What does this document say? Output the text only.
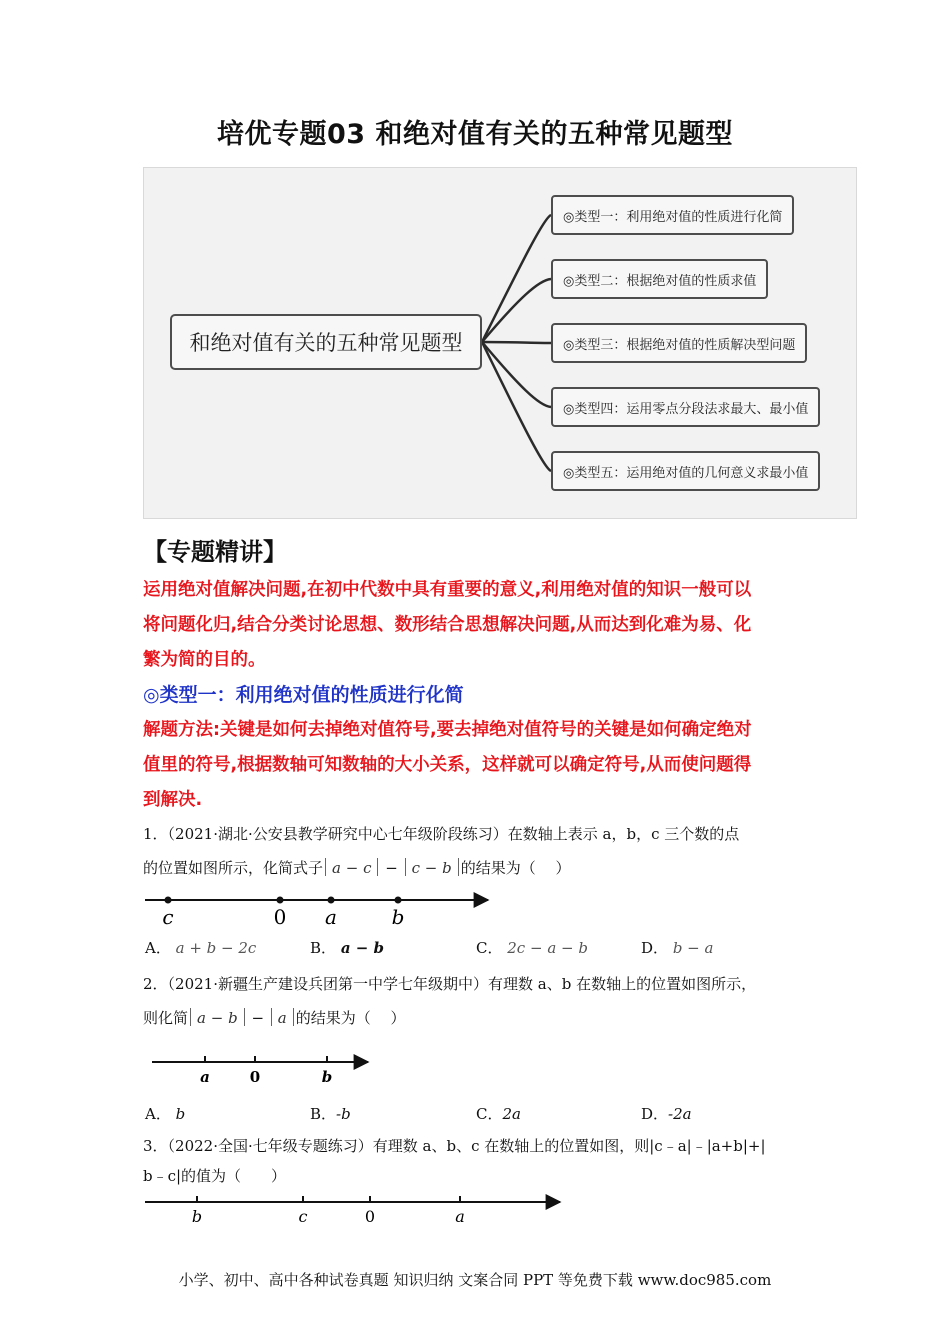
培优专题03 和绝对值有关的五种常见题型
和绝对值有关的五种常见题型
◎类型一：利用绝对值的性质进行化简
◎类型二：根据绝对值的性质求值
◎类型三：根据绝对值的性质解决型问题
◎类型四：运用零点分段法求最大、最小值
◎类型五：运用绝对值的几何意义求最小值
【专题精讲】
运用绝对值解决问题,在初中代数中具有重要的意义,利用绝对值的知识一般可以
将问题化归,结合分类讨论思想、数形结合思想解决问题,从而达到化难为易、化
繁为简的目的。
◎类型一：利用绝对值的性质进行化简
解题方法:关键是如何去掉绝对值符号,要去掉绝对值符号的关键是如何确定绝对
值里的符号,根据数轴可知数轴的大小关系，这样就可以确定符号,从而使问题得
到解决.
1．（2021·湖北·公安县教学研究中心七年级阶段练习）在数轴上表示 a，b，c 三个数的点
的位置如图所示，化简式子 a − c − c − b 的结果为（　 ）
c	0 a	b
a	0	b
b	c	0	a
A． a + b − 2c	B． a − b	C． 2c − a − b	D． b − a
2．（2021·新疆生产建设兵团第一中学七年级期中）有理数 a、b 在数轴上的位置如图所示，
则化简 a − b − a 的结果为（　 ）
A． b	B．-b	C．2a	D．-2a
3．（2022·全国·七年级专题练习）有理数 a、b、c 在数轴上的位置如图，则|c﹣a|﹣|a+b|+|
b﹣c|的值为（　　）
小学、初中、高中各种试卷真题 知识归纳 文案合同 PPT 等免费下载 www.doc985.com
